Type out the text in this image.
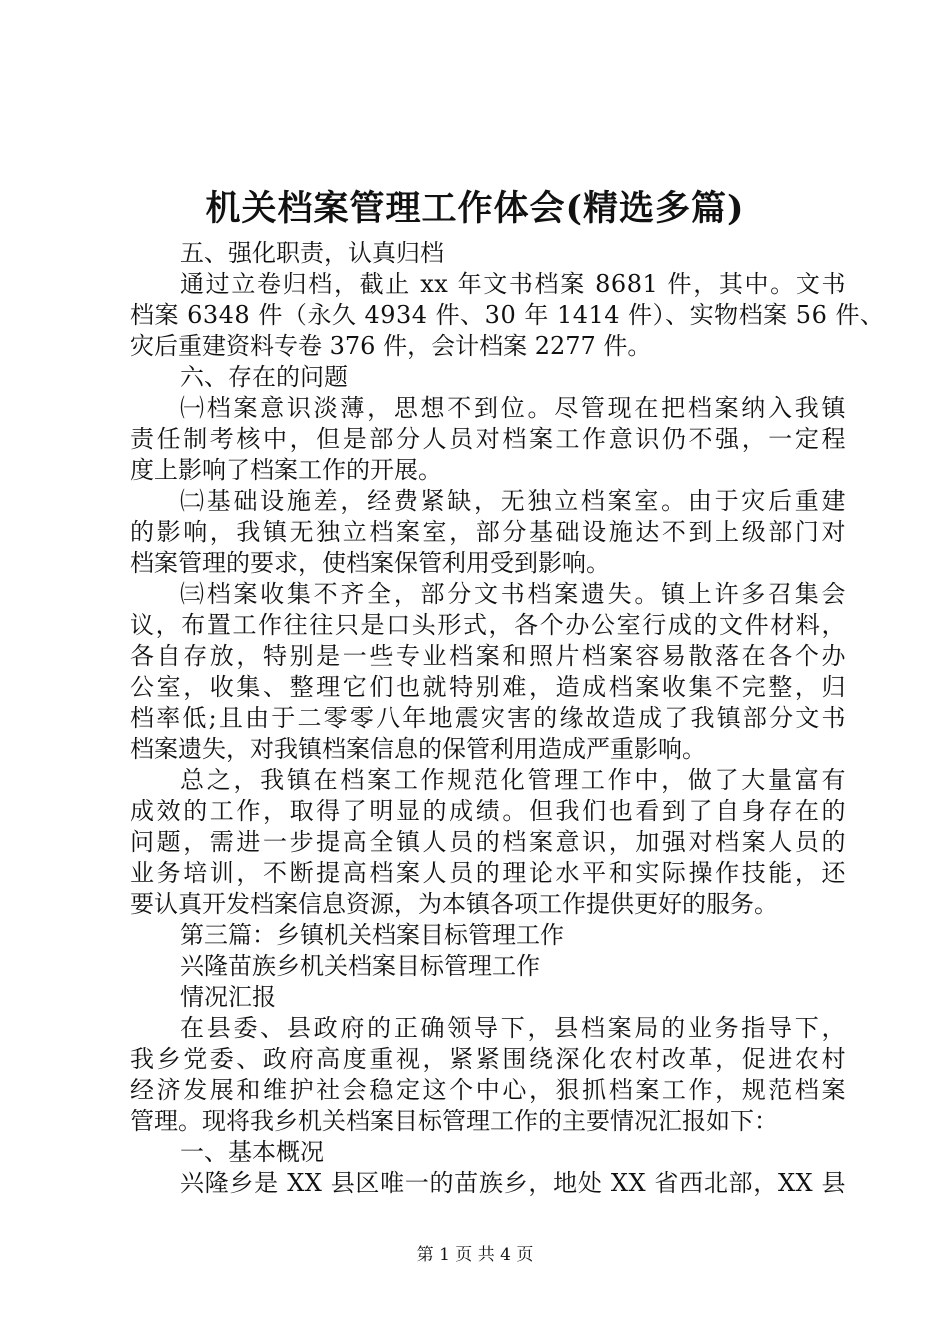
机关档案管理工作体会(精选多篇)
五、强化职责，认真归档
通过立卷归档，截止 xx 年文书档案 8681 件，其中。文书
档案 6348 件（永久 4934 件、30 年 1414 件）、实物档案 56 件、
灾后重建资料专卷 376 件，会计档案 2277 件。
六、存在的问题
㈠档案意识淡薄，思想不到位。尽管现在把档案纳入我镇
责任制考核中，但是部分人员对档案工作意识仍不强，一定程
度上影响了档案工作的开展。
㈡基础设施差，经费紧缺，无独立档案室。由于灾后重建
的影响，我镇无独立档案室，部分基础设施达不到上级部门对
档案管理的要求，使档案保管利用受到影响。
㈢档案收集不齐全，部分文书档案遗失。镇上许多召集会
议，布置工作往往只是口头形式，各个办公室行成的文件材料，
各自存放，特别是一些专业档案和照片档案容易散落在各个办
公室，收集、整理它们也就特别难，造成档案收集不完整，归
档率低;且由于二零零八年地震灾害的缘故造成了我镇部分文书
档案遗失，对我镇档案信息的保管利用造成严重影响。
总之，我镇在档案工作规范化管理工作中，做了大量富有
成效的工作，取得了明显的成绩。但我们也看到了自身存在的
问题，需进一步提高全镇人员的档案意识，加强对档案人员的
业务培训，不断提高档案人员的理论水平和实际操作技能，还
要认真开发档案信息资源，为本镇各项工作提供更好的服务。
第三篇：乡镇机关档案目标管理工作
兴隆苗族乡机关档案目标管理工作
情况汇报
在县委、县政府的正确领导下，县档案局的业务指导下，
我乡党委、政府高度重视，紧紧围绕深化农村改革，促进农村
经济发展和维护社会稳定这个中心，狠抓档案工作，规范档案
管理。现将我乡机关档案目标管理工作的主要情况汇报如下：
一、基本概况
兴隆乡是 XX 县区唯一的苗族乡，地处 XX 省西北部，XX 县
第 1 页 共 4 页
